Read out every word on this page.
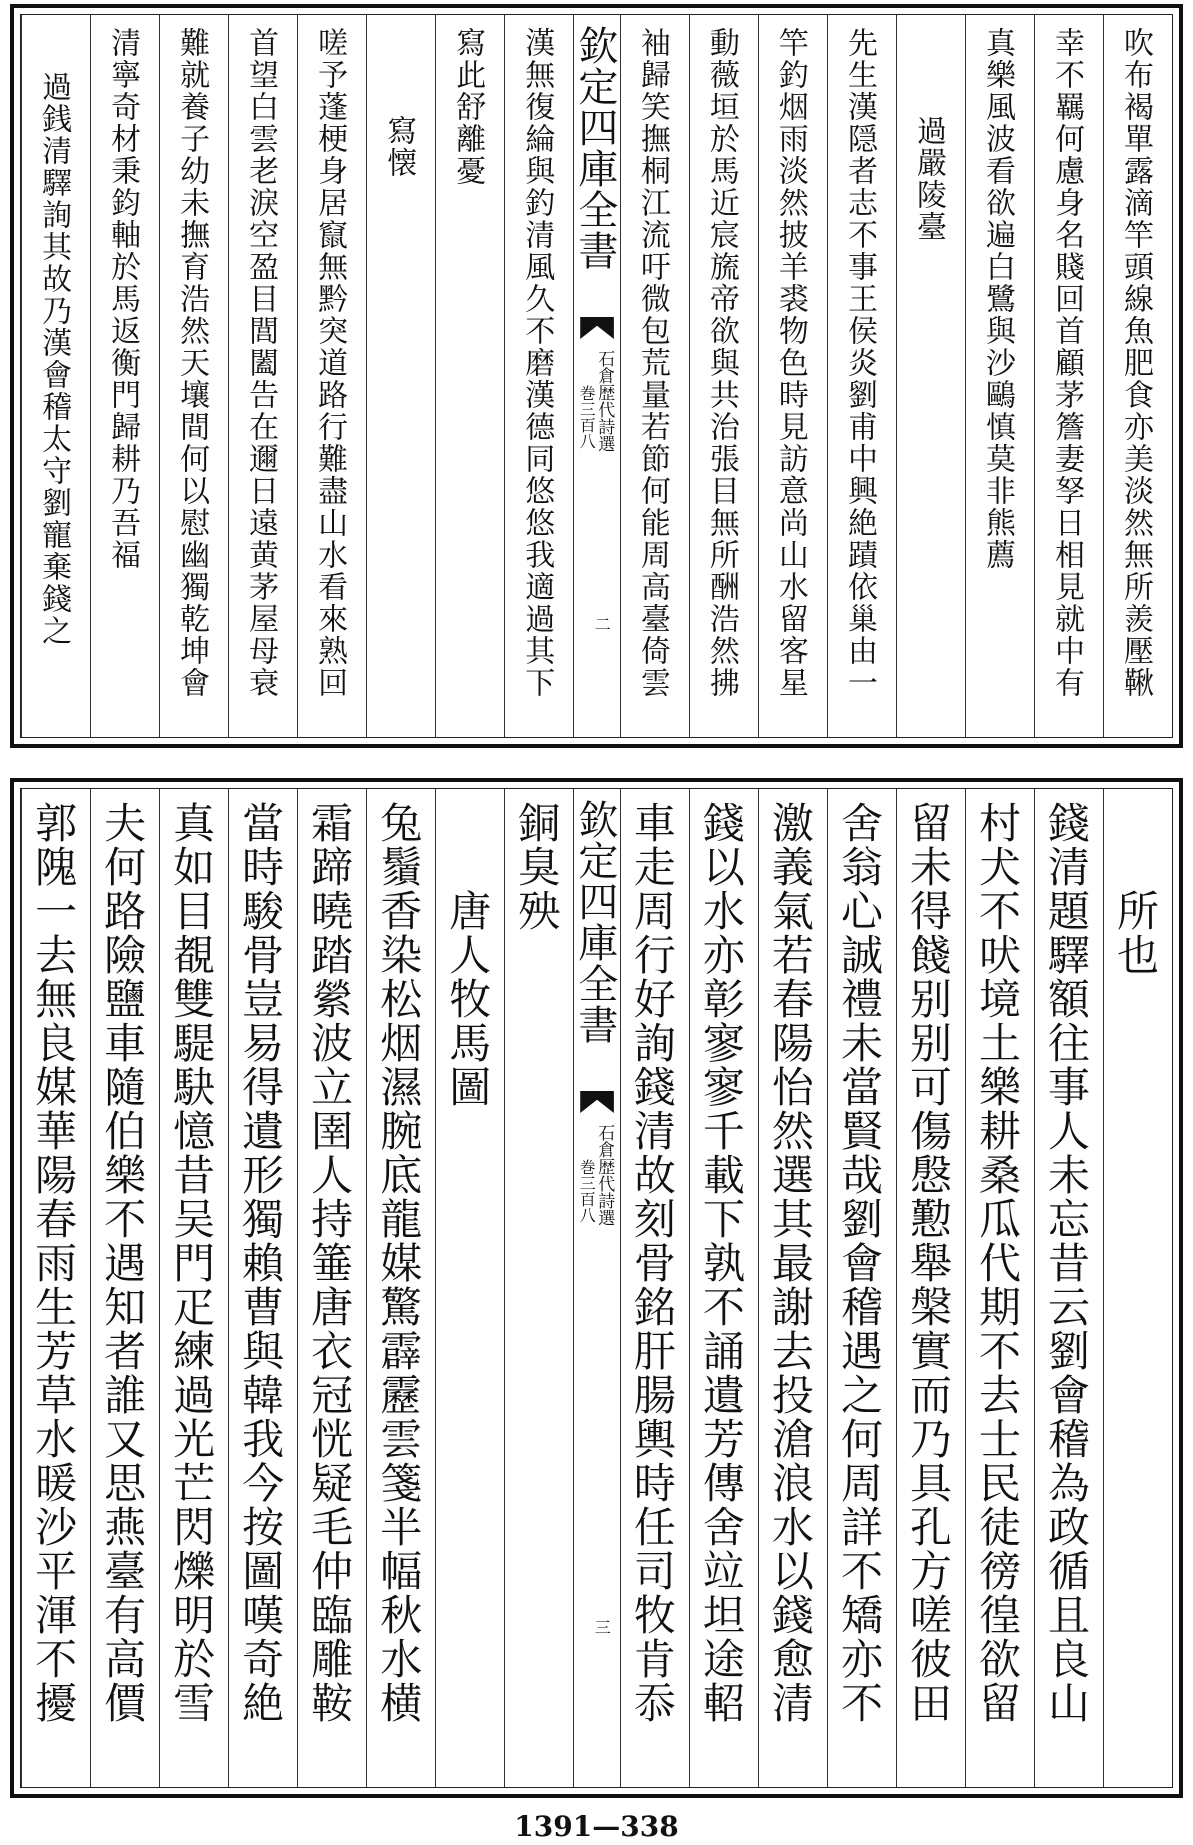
吹布褐單露滴竿頭線魚肥食亦美淡然無所羨壓鞦
幸不羈何慮身名賤回首顧茅簷妻孥日相見就中有
真樂風波看欲遍白鷺與沙鷗慎莫非熊薦
過嚴陵臺
先生漢隠者志不事王侯炎劉甫中興絶蹟依巢由一
竿釣烟雨淡然披羊裘物色時見訪意尚山水留客星
動薇垣於馬近宸旒帝欲與共治張目無所酬浩然拂
袖歸笑撫桐江流吁微包荒量若節何能周高臺倚雲
欽定四庫全書
石倉歴代詩選
巻三百八
二
漢無復綸與釣清風久不磨漢德同悠悠我適過其下
寫此舒離憂
寫懐
嗟予蓬梗身居竄無黔突道路行難盡山水看來熟回
首望白雲老淚空盈目閭闔告在邇日遠黄茅屋母衰
難就養子幼未撫育浩然天壤間何以慰幽獨乾坤會
清寧奇材秉鈞軸於馬返衡門歸耕乃吾福
過銭清驛詢其故乃漢會稽太守劉寵棄錢之
所也
錢清題驛額往事人未忘昔云劉會稽為政循且良山
村犬不吠境土樂耕桑瓜代期不去士民徒徬徨欲留
留未得餞别别可傷慇懃舉槃實而乃具孔方嗟彼田
舍翁心誠禮未當賢哉劉會稽遇之何周詳不矯亦不
激義氣若春陽怡然選其最謝去投滄浪水以錢愈清
錢以水亦彰寥寥千載下孰不誦遺芳傳舍竝坦途軺
車走周行好詢錢清故刻骨銘肝腸輿時任司牧肯忝
欽定四庫全書
石倉歴代詩選
巻三百八
三
銅臭殃
唐人牧馬圖
兔鬚香染松烟濕腕底龍媒驚霹靂雲箋半幅秋水横
霜蹄曉踏縈波立圉人持箠唐衣冠恍疑毛仲臨雕鞍
當時駿骨豈易得遺形獨賴曹與韓我今按圖嘆奇絶
真如目覩雙騠駃憶昔吴門疋練過光芒閃爍明於雪
夫何路險鹽車隨伯樂不遇知者誰又思燕臺有高價
郭隗一去無良媒華陽春雨生芳草水暖沙平渾不擾
1391—338
